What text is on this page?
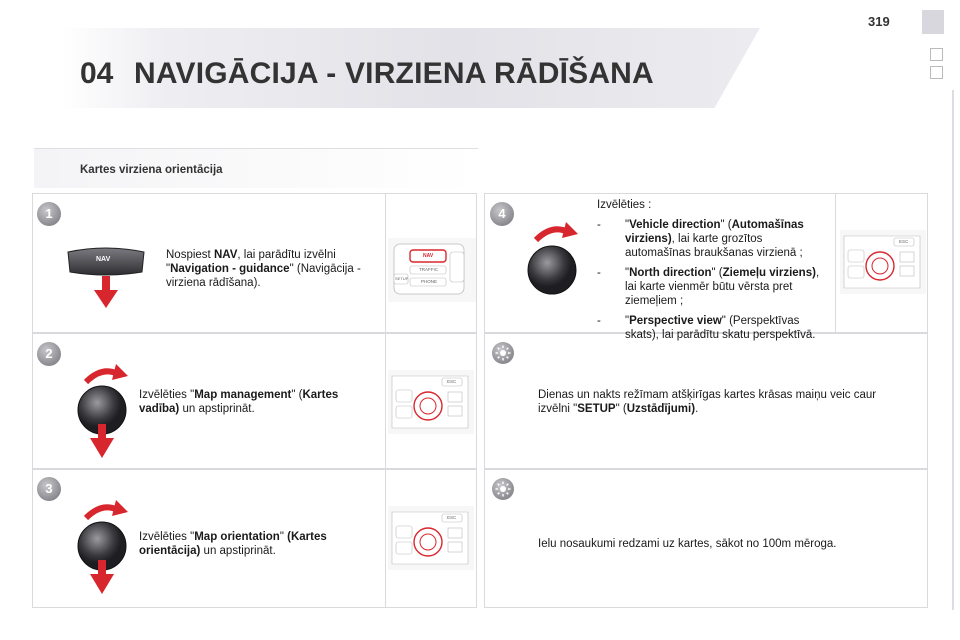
319
04 NAVIGĀCIJA - VIRZIENA RĀDĪŠANA
Kartes virziena orientācija
1
2
3
4
NAV	Nospiest NAV, lai parādītu izvēlni "Navigation - guidance" (Navigācija - virziena rādīšana).
NAV
TRAFFIC
PHONE
SETUP
Izvēlēties "Map management" (Kartes vadība) un apstiprināt.
Izvēlēties "Map orientation" (Kartes orientācija) un apstiprināt.
ESC
ESC
ESC
Izvēlēties :
- "Vehicle direction" (Automašīnas virziens), lai karte grozītos automašīnas braukšanas virzienā ;
- "North direction" (Ziemeļu virziens), lai karte vienmēr būtu vērsta pret ziemeļiem ;
- "Perspective view" (Perspektīvas skats), lai parādītu skatu perspektīvā.
Dienas un nakts režīmam atšķirīgas kartes krāsas maiņu veic caur izvēlni "SETUP" (Uzstādījumi).
Ielu nosaukumi redzami uz kartes, sākot no 100m mēroga.
